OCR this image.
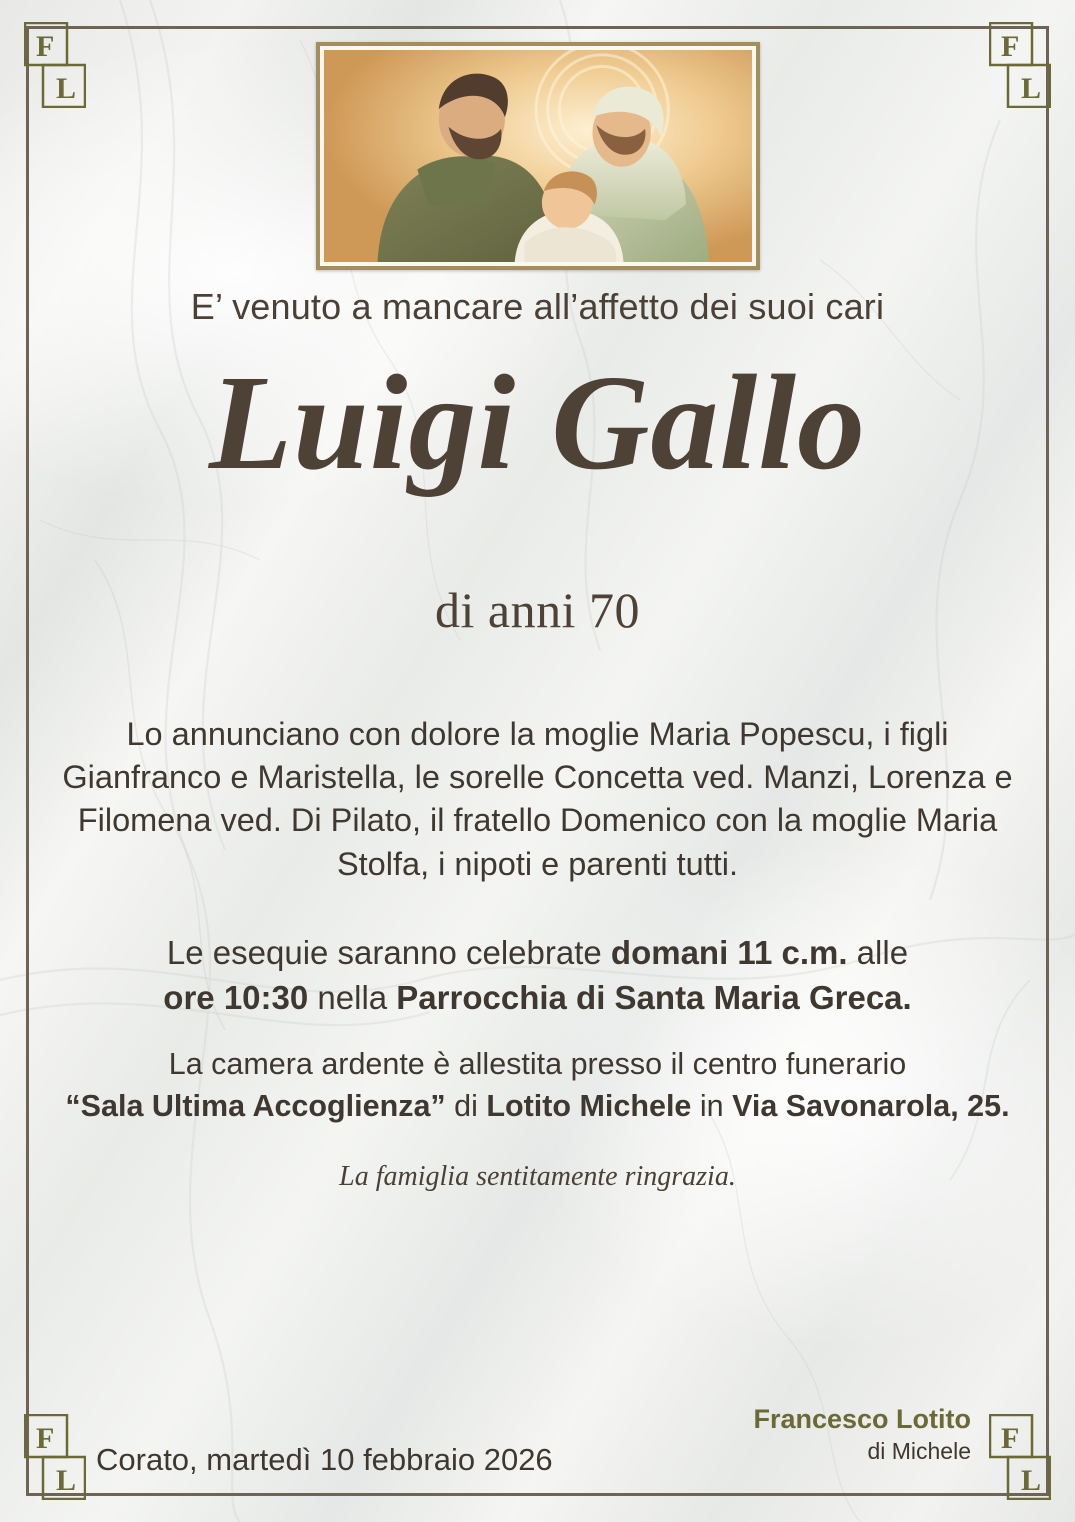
F
L
F
L
F
L
F
L
E’ venuto a mancare all’affetto dei suoi cari
Luigi Gallo
di anni 70
Lo annunciano con dolore la moglie Maria Popescu, i figli Gianfranco e Maristella, le sorelle Concetta ved. Manzi, Lorenza e Filomena ved. Di Pilato, il fratello Domenico con la moglie Maria Stolfa, i nipoti e parenti tutti.
Le esequie saranno celebrate domani 11 c.m. alle
ore 10:30 nella Parrocchia di Santa Maria Greca.
La camera ardente è allestita presso il centro funerario
“Sala Ultima Accoglienza” di Lotito Michele in Via Savonarola, 25.
La famiglia sentitamente ringrazia.
Corato, martedì 10 febbraio 2026
Francesco Lotito
di Michele
